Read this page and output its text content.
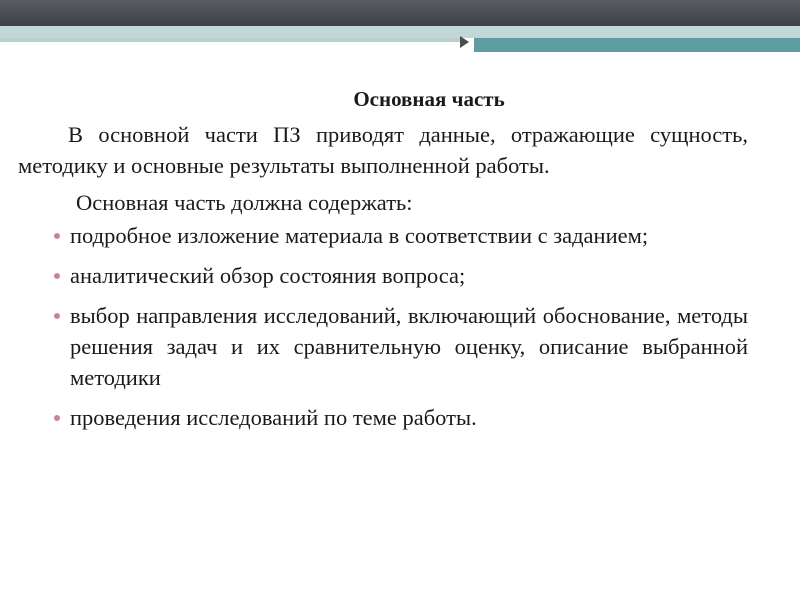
Основная часть
В основной части ПЗ приводят данные, отражающие сущность, методику и основные результаты выполненной работы.
Основная часть должна содержать:
подробное изложение материала в соответствии с заданием;
аналитический обзор состояния вопроса;
выбор направления исследований, включающий обоснование, методы решения задач и их сравнительную оценку, описание выбранной методики
проведения исследований по теме работы.
